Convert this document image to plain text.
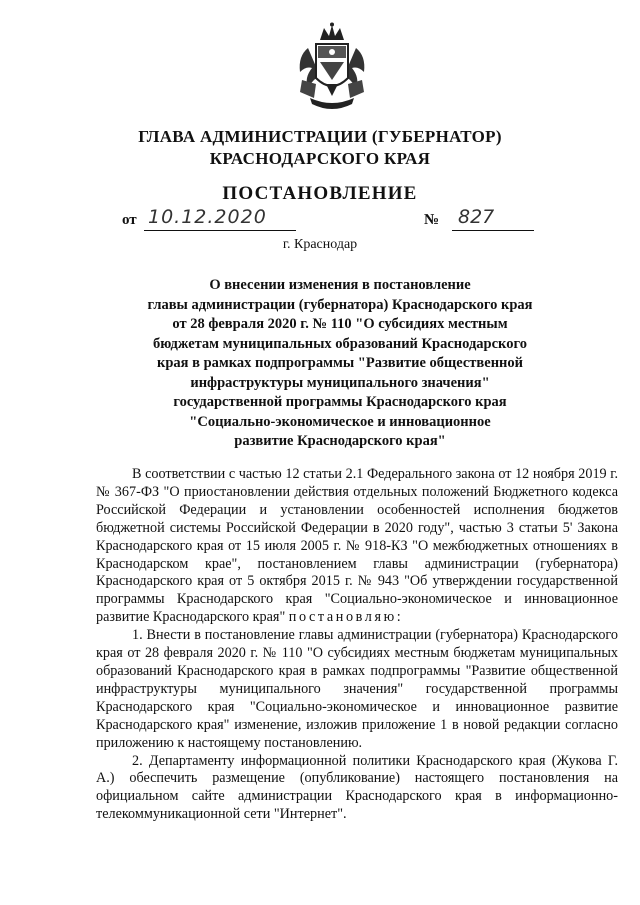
ГЛАВА АДМИНИСТРАЦИИ (ГУБЕРНАТОР)
КРАСНОДАРСКОГО КРАЯ
ПОСТАНОВЛЕНИЕ
от 10.12.2020	№ 827
г. Краснодар
О внесении изменения в постановление
главы администрации (губернатора) Краснодарского края
от 28 февраля 2020 г. № 110 "О субсидиях местным
бюджетам муниципальных образований Краснодарского
края в рамках подпрограммы "Развитие общественной
инфраструктуры муниципального значения"
государственной программы Краснодарского края
"Социально-экономическое и инновационное
развитие Краснодарского края"

В соответствии с частью 12 статьи 2.1 Федерального закона от 12 ноября 2019 г. № 367-ФЗ "О приостановлении действия отдельных положений Бюджетного кодекса Российской Федерации и установлении особенностей исполнения бюджетов бюджетной системы Российской Федерации в 2020 году", частью 3 статьи 5' Закона Краснодарского края от 15 июля 2005 г. № 918-КЗ "О межбюджетных отношениях в Краснодарском крае", постановлением главы администрации (губернатора) Краснодарского края от 5 октября 2015 г. № 943 "Об утверждении государственной программы Краснодарского края "Социально-экономическое и инновационное развитие Краснодарского края" постановляю:

1. Внести в постановление главы администрации (губернатора) Краснодарского края от 28 февраля 2020 г. № 110 "О субсидиях местным бюджетам муниципальных образований Краснодарского края в рамках подпрограммы "Развитие общественной инфраструктуры муниципального значения" государственной программы Краснодарского края "Социально-экономическое и инновационное развитие Краснодарского края" изменение, изложив приложение 1 в новой редакции согласно приложению к настоящему постановлению.

2. Департаменту информационной политики Краснодарского края (Жукова Г. А.) обеспечить размещение (опубликование) настоящего постановления на официальном сайте администрации Краснодарского края в информационно-телекоммуникационной сети "Интернет".
